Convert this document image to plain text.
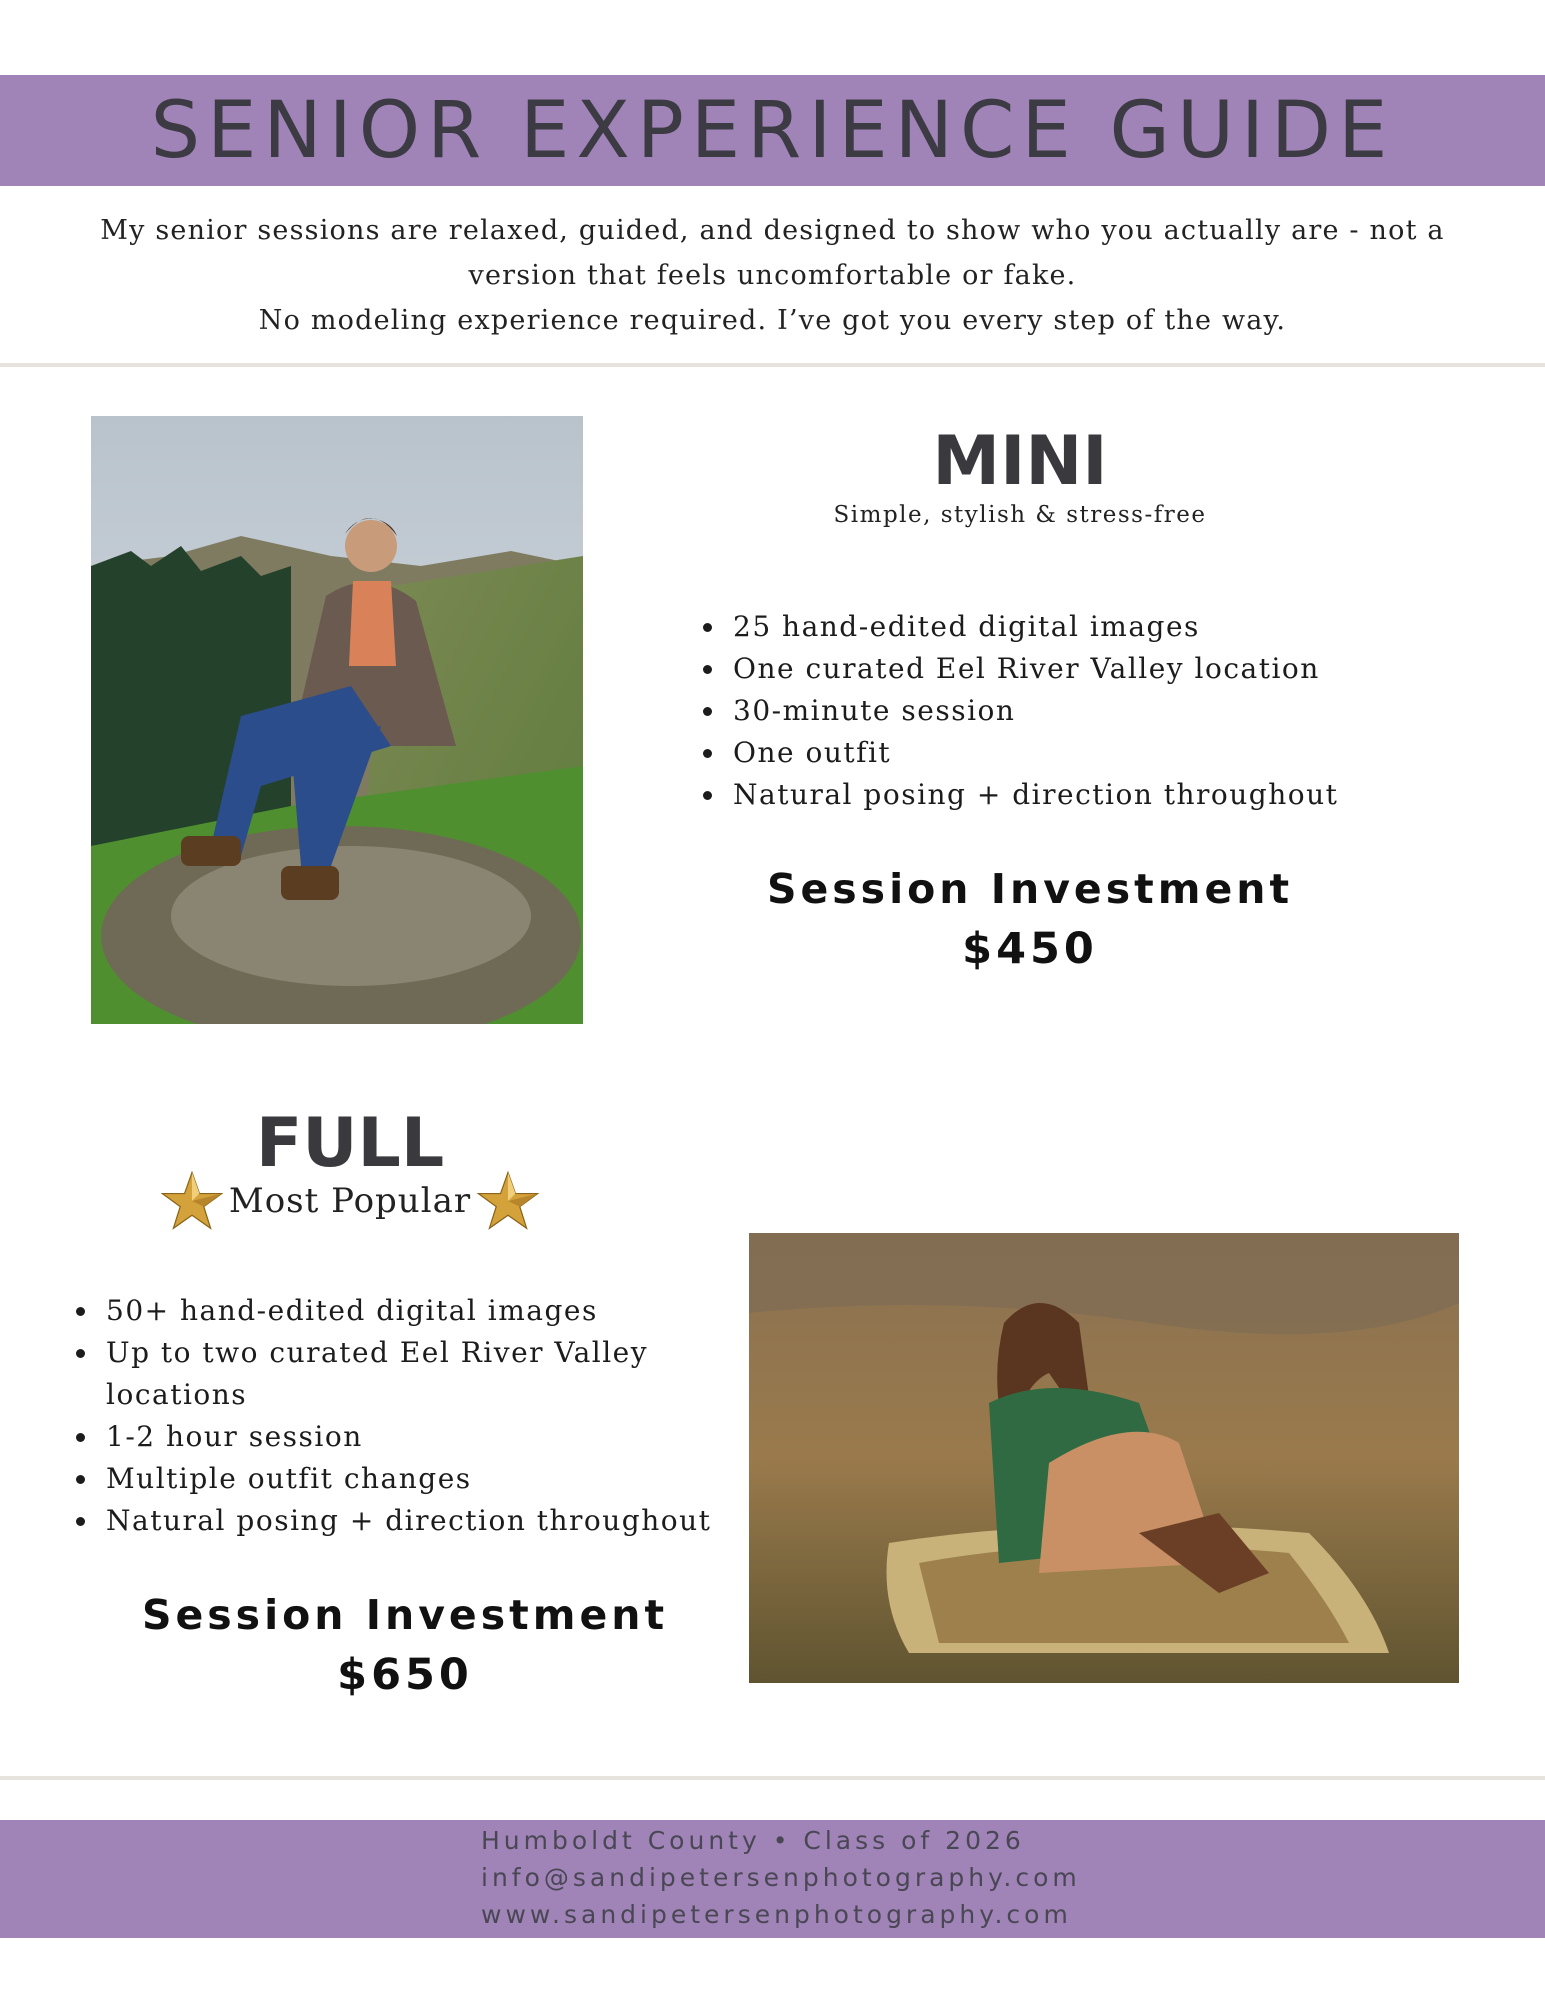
SENIOR EXPERIENCE GUIDE

My senior sessions are relaxed, guided, and designed to show who you actually are - not a

version that feels uncomfortable or fake.

No modeling experience required. I’ve got you every step of the way.

MINI
Simple, stylish & stress-free
• 25 hand-edited digital images
• One curated Eel River Valley location
• 30-minute session
• One outfit
• Natural posing + direction throughout
Session Investment
$450
FULL
Most Popular
• 50+ hand-edited digital images
• Up to two curated Eel River Valley locations
• 1-2 hour session
• Multiple outfit changes
• Natural posing + direction throughout
Session Investment
$650
Humboldt County • Class of 2026
info@sandipetersenphotography.com
www.sandipetersenphotography.com
